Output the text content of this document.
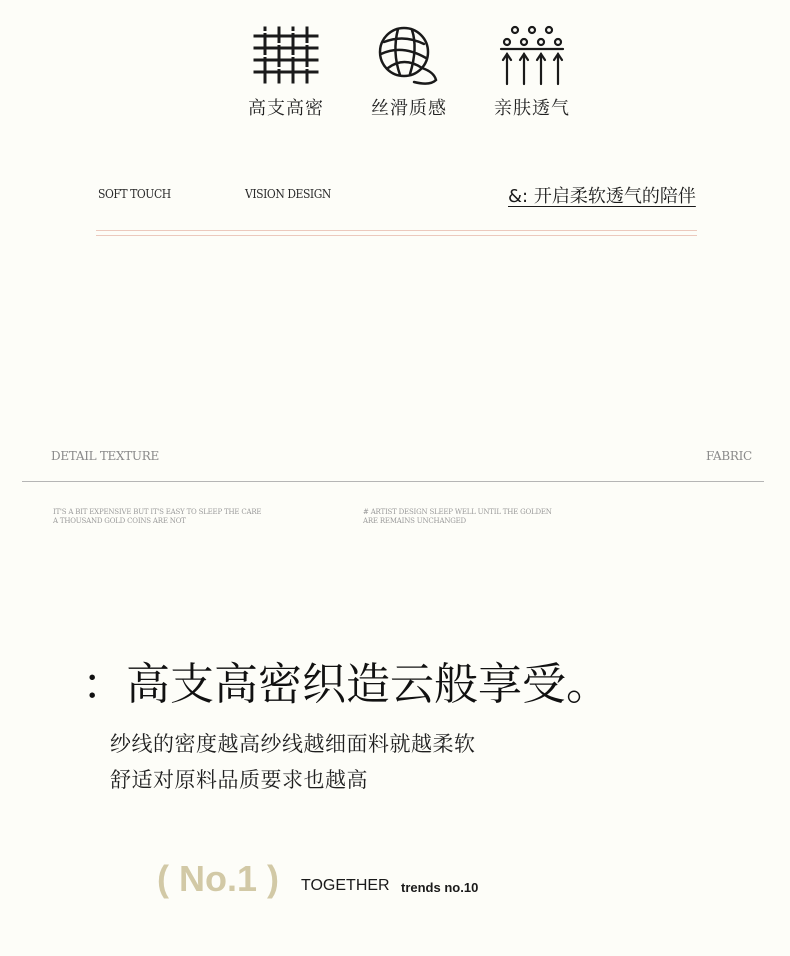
高支高密	丝滑质感	亲肤透气
SOFT TOUCH	VISION DESIGN	&: 开启柔软透气的陪伴
DETAIL TEXTURE	FABRIC
IT'S A BIT EXPENSIVE BUT IT'S EASY TO SLEEP THE CARE
A THOUSAND GOLD COINS ARE NOT
# ARTIST DESIGN SLEEP WELL UNTIL THE GOLDEN
ARE REMAINS UNCHANGED
：高支高密织造云般享受。
纱线的密度越高纱线越细面料就越柔软
舒适对原料品质要求也越高
( No.1 ) TOGETHER trends no.10
